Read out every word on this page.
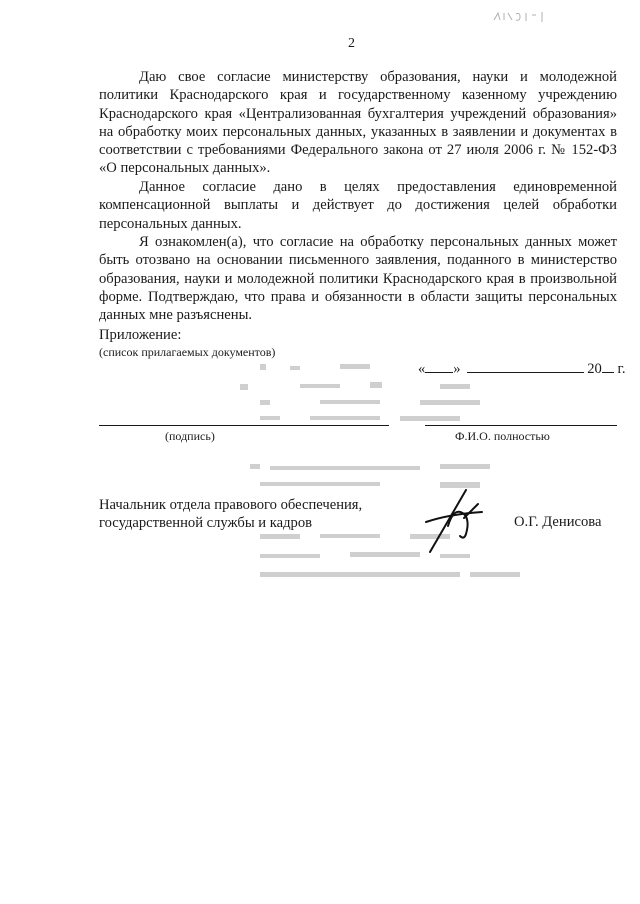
2

Даю свое согласие министерству образования, науки и молодежной политики Краснодарского края и государственному казенному учреждению Краснодарского края «Централизованная бухгалтерия учреждений образования» на обработку моих персональных данных, указанных в заявлении и документах в соответствии с требованиями Федерального закона от 27 июля 2006 г. № 152-ФЗ «О персональных данных».

Данное согласие дано в целях предоставления единовременной компенсационной выплаты и действует до достижения целей обработки персональных данных.

Я ознакомлен(а), что согласие на обработку персональных данных может быть отозвано на основании письменного заявления, поданного в министерство образования, науки и молодежной политики Краснодарского края в произвольной форме. Подтверждаю, что права и обязанности в области защиты персональных данных мне разъяснены.

Приложение:
(список прилагаемых документов)
« »	20 г.
(подпись)	Ф.И.О. полностью
Начальник отдела правового обеспечения,
государственной службы и кадров	О.Г. Денисова
